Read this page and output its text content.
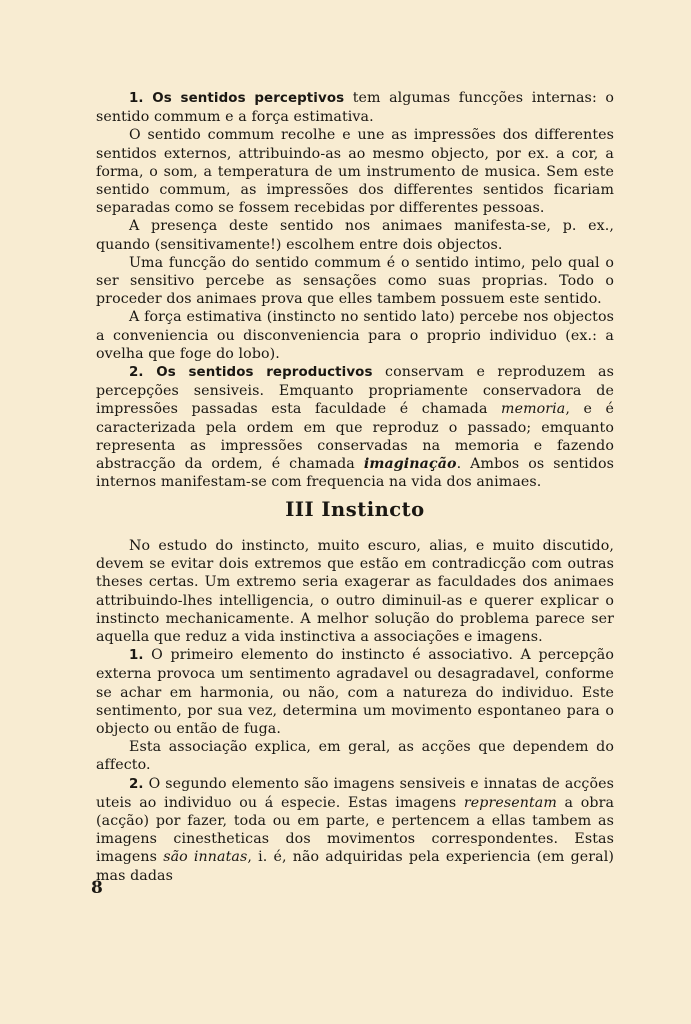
1. Os sentidos perceptivos tem algumas funcções internas: o sentido commum e a força estimativa.

O sentido commum recolhe e une as impressões dos differentes sentidos externos, attribuindo-as ao mesmo objecto, por ex. a cor, a forma, o som, a temperatura de um instrumento de musica. Sem este sentido commum, as impressões dos differentes sentidos ficariam separadas como se fossem recebidas por differentes pessoas.

A presença deste sentido nos animaes manifesta-se, p. ex., quando (sensitivamente!) escolhem entre dois objectos.

Uma funcção do sentido commum é o sentido intimo, pelo qual o ser sensitivo percebe as sensações como suas proprias. Todo o proceder dos animaes prova que elles tambem possuem este sentido.

A força estimativa (instincto no sentido lato) percebe nos objectos a conveniencia ou disconveniencia para o proprio individuo (ex.: a ovelha que foge do lobo).

2. Os sentidos reproductivos conservam e reproduzem as percepções sensiveis. Emquanto propriamente conservadora de impressões passadas esta faculdade é chamada memoria, e é caracterizada pela ordem em que reproduz o passado; emquanto representa as impressões conservadas na memoria e fazendo abstracção da ordem, é chamada imaginação. Ambos os sentidos internos manifestam-se com frequencia na vida dos animaes.

III Instincto

No estudo do instincto, muito escuro, alias, e muito discutido, devem se evitar dois extremos que estão em contradicção com outras theses certas. Um extremo seria exagerar as faculdades dos animaes attribuindo-lhes intelligencia, o outro diminuil-as e querer explicar o instincto mechanicamente. A melhor solução do problema parece ser aquella que reduz a vida instinctiva a associações e imagens.

1. O primeiro elemento do instincto é associativo. A percepção externa provoca um sentimento agradavel ou desagradavel, conforme se achar em harmonia, ou não, com a natureza do individuo. Este sentimento, por sua vez, determina um movimento espontaneo para o objecto ou então de fuga.

Esta associação explica, em geral, as acções que dependem do affecto.

2. O segundo elemento são imagens sensiveis e innatas de acções uteis ao individuo ou á especie. Estas imagens representam a obra (acção) por fazer, toda ou em parte, e pertencem a ellas tambem as imagens cinestheticas dos movimentos correspondentes. Estas imagens são innatas, i. é, não adquiridas pela experiencia (em geral) mas dadas

8
